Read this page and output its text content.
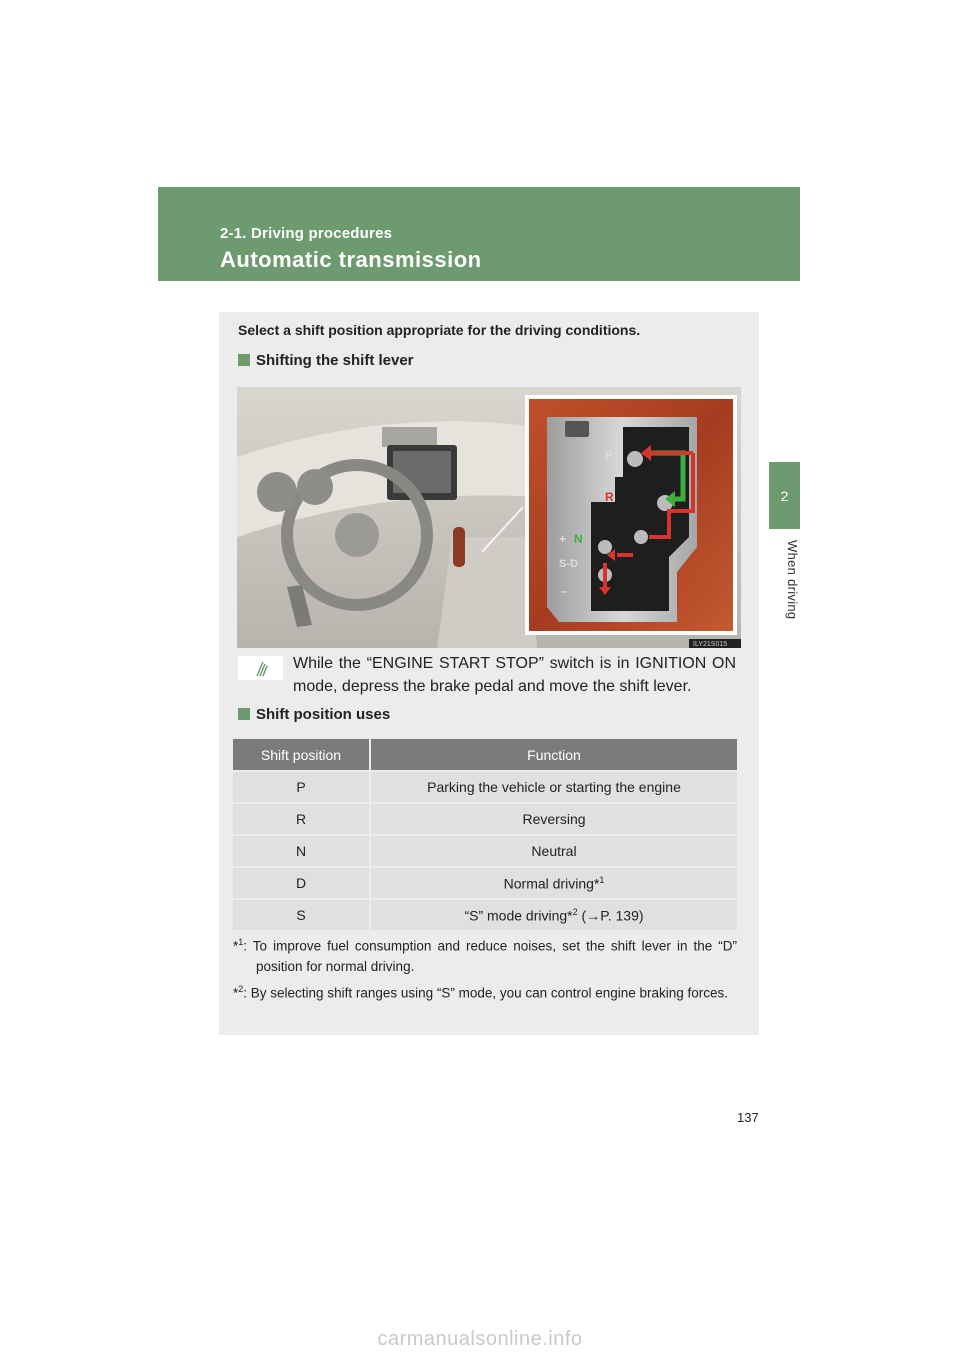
2-1. Driving procedures
Automatic transmission
2
When driving
Select a shift position appropriate for the driving conditions.
Shifting the shift lever
P
R
+ N
S-D
–
ILY21S015
While the “ENGINE START STOP” switch is in IGNITION ON mode, depress the brake pedal and move the shift lever.
Shift position uses
Shift position	Function
P	Parking the vehicle or starting the engine
R	Reversing
N	Neutral
D	Normal driving*$^1$
S	“S” mode driving*$^2$ (→P. 139)
*$^1$: To improve fuel consumption and reduce noises, set the shift lever in the “D” position for normal driving.
*$^2$: By selecting shift ranges using “S” mode, you can control engine braking forces.
137
carmanualsonline.info
